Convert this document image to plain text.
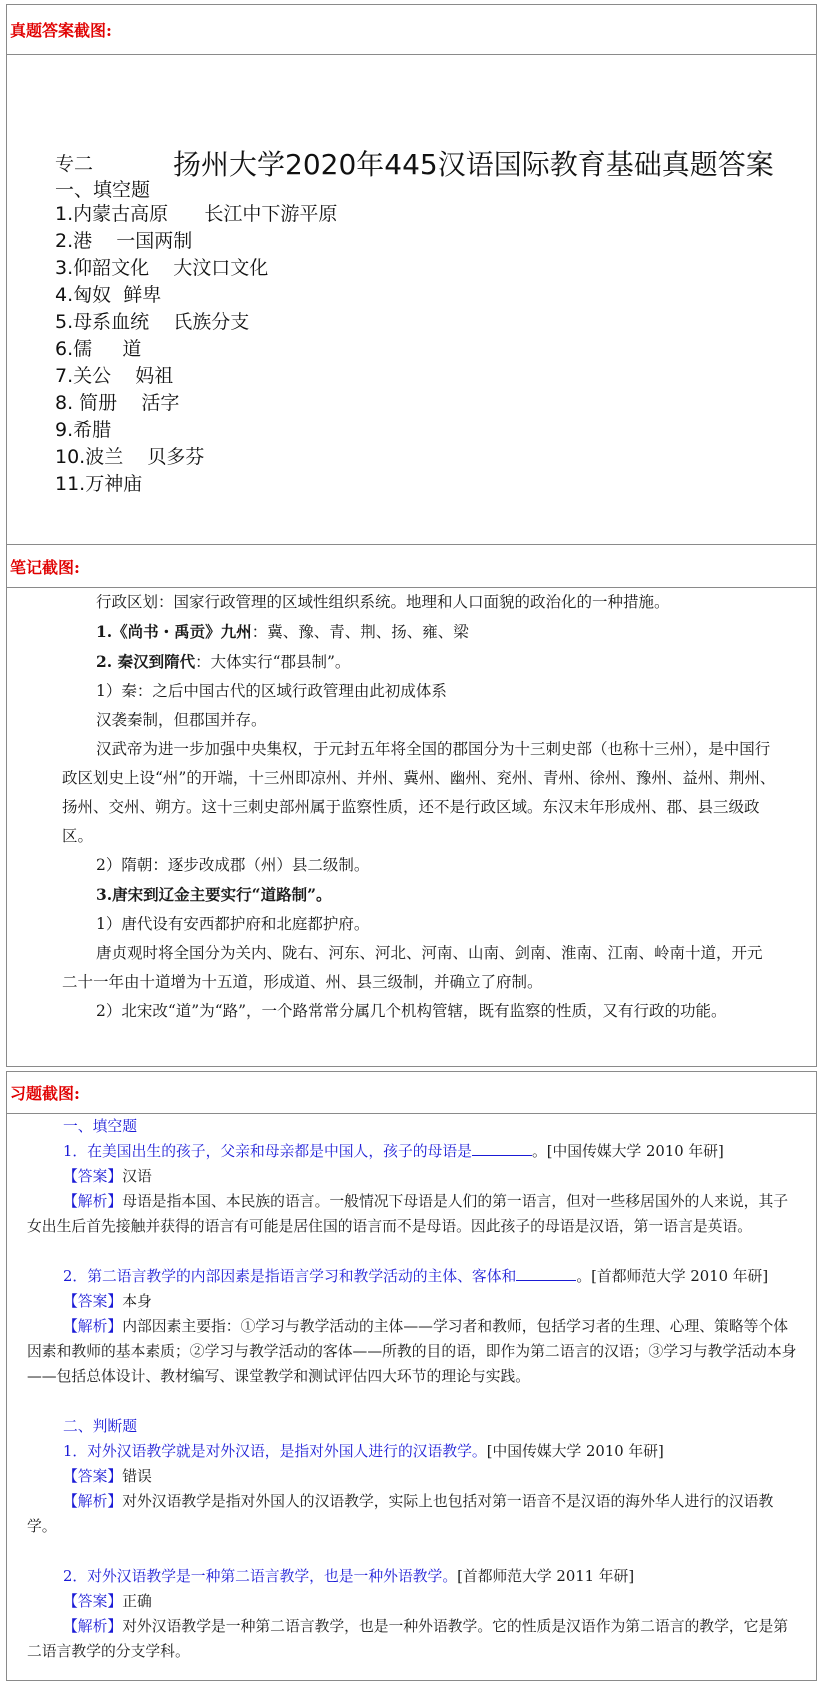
真题答案截图:
专二	扬州大学2020年445汉语国际教育基础真题答案
一、填空题
1.内蒙古高原      长江中下游平原
2.港    一国两制
3.仰韶文化    大汶口文化
4.匈奴  鲜卑
5.母系血统    氏族分支
6.儒     道
7.关公    妈祖
8. 简册    活字
9.希腊
10.波兰    贝多芬
11.万神庙
笔记截图:

行政区划：国家行政管理的区域性组织系统。地理和人口面貌的政治化的一种措施。

1.《尚书・禹贡》九州：冀、豫、青、荆、扬、雍、梁

2. 秦汉到隋代：大体实行“郡县制”。

1）秦：之后中国古代的区域行政管理由此初成体系

汉袭秦制，但郡国并存。

汉武帝为进一步加强中央集权，于元封五年将全国的郡国分为十三刺史部（也称十三州），是中国行政区划史上设“州”的开端，十三州即凉州、并州、冀州、幽州、兖州、青州、徐州、豫州、益州、荆州、扬州、交州、朔方。这十三刺史部州属于监察性质，还不是行政区域。东汉末年形成州、郡、县三级政区。

2）隋朝：逐步改成郡（州）县二级制。

3.唐宋到辽金主要实行“道路制”。

1）唐代设有安西都护府和北庭都护府。

唐贞观时将全国分为关内、陇右、河东、河北、河南、山南、剑南、淮南、江南、岭南十道，开元二十一年由十道增为十五道，形成道、州、县三级制，并确立了府制。

2）北宋改“道”为“路”，一个路常常分属几个机构管辖，既有监察的性质，又有行政的功能。

习题截图:

一、填空题

1．在美国出生的孩子，父亲和母亲都是中国人，孩子的母语是	。[中国传媒大学 2010 年研]

【答案】汉语

【解析】母语是指本国、本民族的语言。一般情况下母语是人们的第一语言，但对一些移居国外的人来说，其子女出生后首先接触并获得的语言有可能是居住国的语言而不是母语。因此孩子的母语是汉语，第一语言是英语。

2．第二语言教学的内部因素是指语言学习和教学活动的主体、客体和	。[首都师范大学 2010 年研]

【答案】本身

【解析】内部因素主要指：①学习与教学活动的主体——学习者和教师，包括学习者的生理、心理、策略等个体因素和教师的基本素质；②学习与教学活动的客体——所教的目的语，即作为第二语言的汉语；③学习与教学活动本身——包括总体设计、教材编写、课堂教学和测试评估四大环节的理论与实践。

二、判断题

1．对外汉语教学就是对外汉语，是指对外国人进行的汉语教学。[中国传媒大学 2010 年研]

【答案】错误

【解析】对外汉语教学是指对外国人的汉语教学，实际上也包括对第一语音不是汉语的海外华人进行的汉语教学。

2．对外汉语教学是一种第二语言教学，也是一种外语教学。[首都师范大学 2011 年研]

【答案】正确

【解析】对外汉语教学是一种第二语言教学，也是一种外语教学。它的性质是汉语作为第二语言的教学，它是第二语言教学的分支学科。
